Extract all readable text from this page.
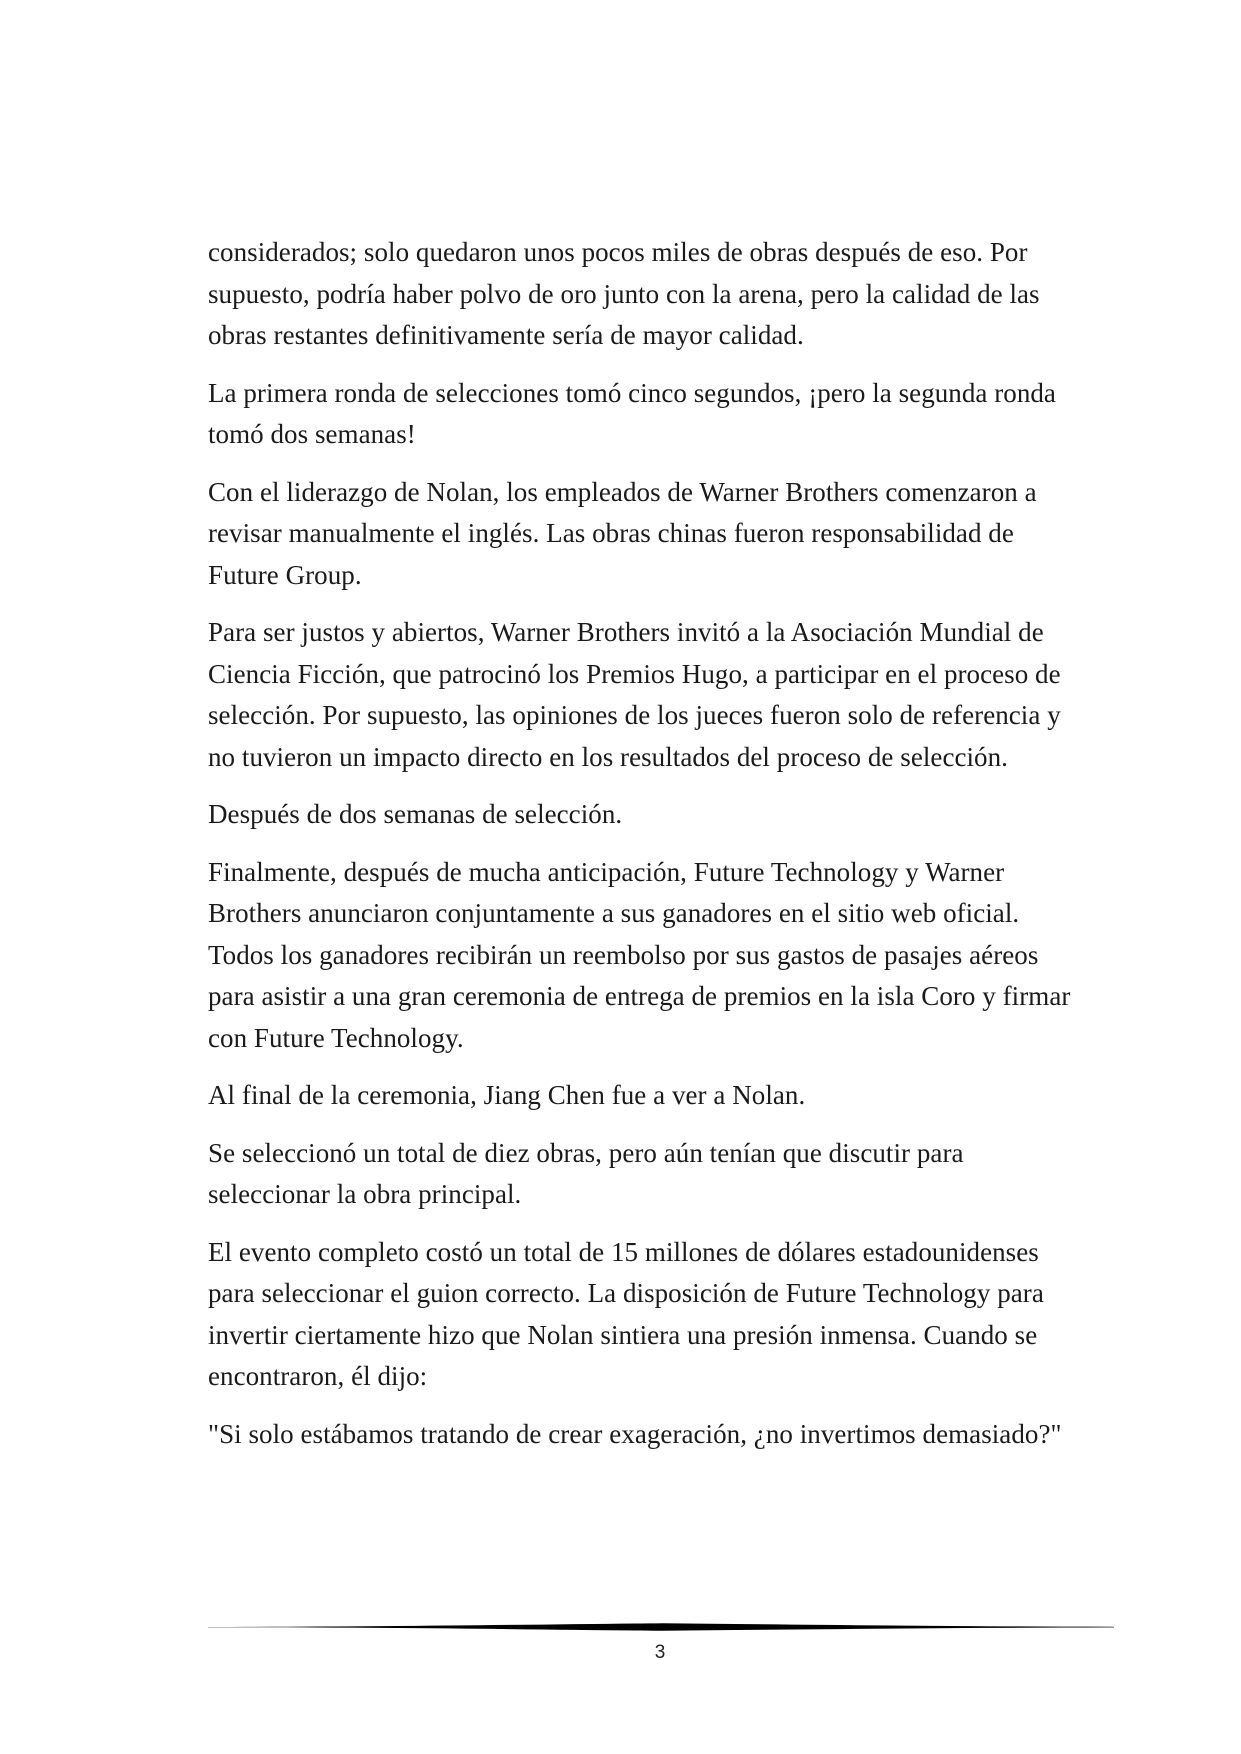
considerados; solo quedaron unos pocos miles de obras después de eso. Por supuesto, podría haber polvo de oro junto con la arena, pero la calidad de las obras restantes definitivamente sería de mayor calidad.

La primera ronda de selecciones tomó cinco segundos, ¡pero la segunda ronda tomó dos semanas!

Con el liderazgo de Nolan, los empleados de Warner Brothers comenzaron a revisar manualmente el inglés. Las obras chinas fueron responsabilidad de Future Group.

Para ser justos y abiertos, Warner Brothers invitó a la Asociación Mundial de Ciencia Ficción, que patrocinó los Premios Hugo, a participar en el proceso de selección. Por supuesto, las opiniones de los jueces fueron solo de referencia y no tuvieron un impacto directo en los resultados del proceso de selección.

Después de dos semanas de selección.

Finalmente, después de mucha anticipación, Future Technology y Warner Brothers anunciaron conjuntamente a sus ganadores en el sitio web oficial. Todos los ganadores recibirán un reembolso por sus gastos de pasajes aéreos para asistir a una gran ceremonia de entrega de premios en la isla Coro y firmar con Future Technology.

Al final de la ceremonia, Jiang Chen fue a ver a Nolan.

Se seleccionó un total de diez obras, pero aún tenían que discutir para seleccionar la obra principal.

El evento completo costó un total de 15 millones de dólares estadounidenses para seleccionar el guion correcto. La disposición de Future Technology para invertir ciertamente hizo que Nolan sintiera una presión inmensa. Cuando se encontraron, él dijo:

"Si solo estábamos tratando de crear exageración, ¿no invertimos demasiado?"

3
